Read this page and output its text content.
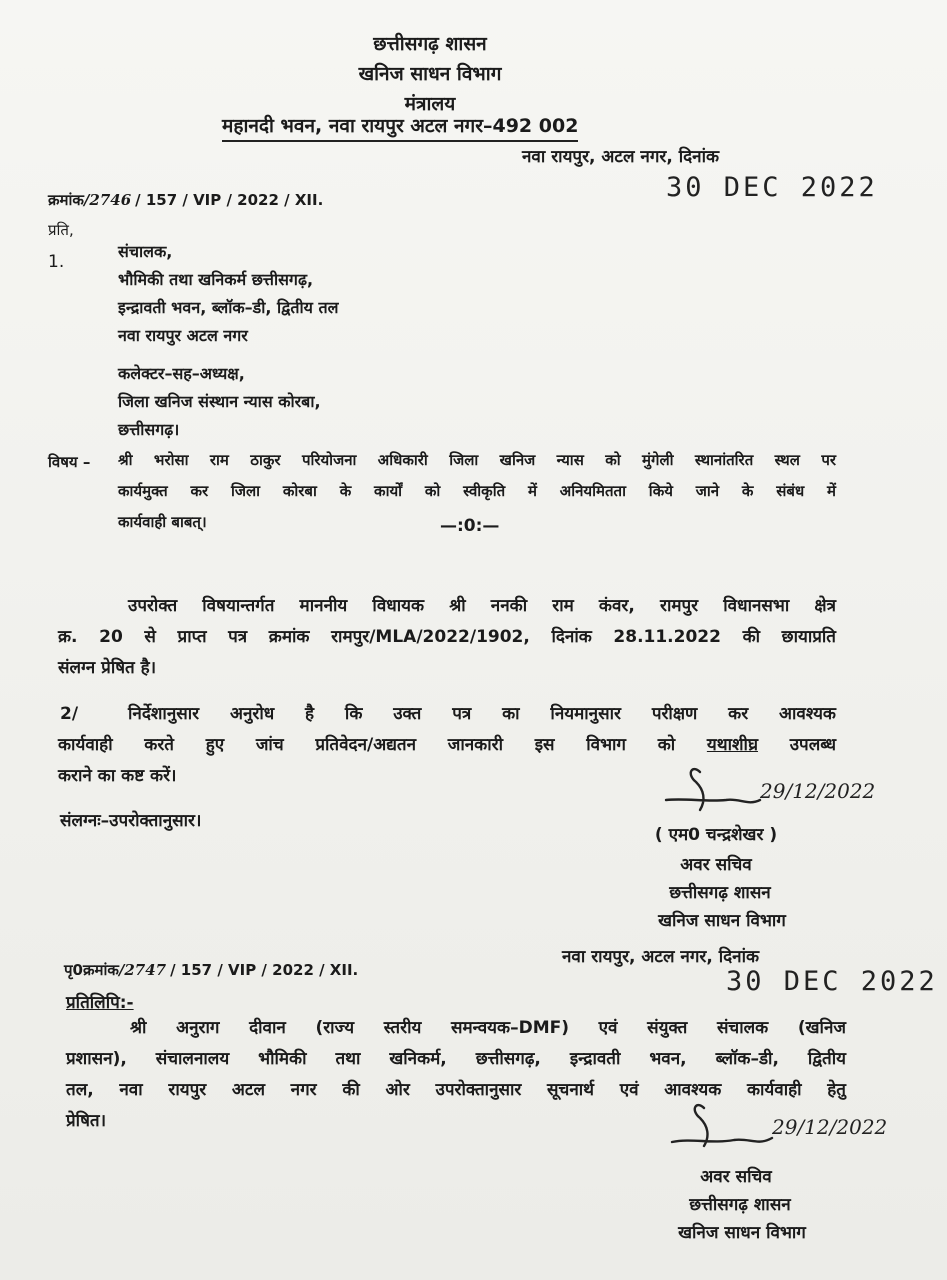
छत्तीसगढ़ शासन
खनिज साधन विभाग
मंत्रालय
महानदी भवन, नवा रायपुर अटल नगर–492 002
नवा रायपुर, अटल नगर, दिनांक
30 DEC 2022
क्रमांक/2746 / 157 / VIP / 2022 / XII.
प्रति,
1.
संचालक,
भौमिकी तथा खनिकर्म छत्तीसगढ़,
इन्द्रावती भवन, ब्लॉक–डी, द्वितीय तल
नवा रायपुर अटल नगर
कलेक्टर–सह–अध्यक्ष,
जिला खनिज संस्थान न्यास कोरबा,
छत्तीसगढ़।
विषय – श्री भरोसा राम ठाकुर परियोजना अधिकारी जिला खनिज न्यास को मुंगेली स्थानांतरित स्थल पर
कार्यमुक्त कर जिला कोरबा के कार्यों को स्वीकृति में अनियमितता किये जाने के संबंध में
कार्यवाही बाबत्।	—:0:—
उपरोक्त विषयान्तर्गत माननीय विधायक श्री ननकी राम कंवर, रामपुर विधानसभा क्षेत्र
क्र. 20 से प्राप्त पत्र क्रमांक रामपुर/MLA/2022/1902, दिनांक 28.11.2022 की छायाप्रति
संलग्न प्रेषित है।
2/	निर्देशानुसार अनुरोध है कि उक्त पत्र का नियमानुसार परीक्षण कर आवश्यक
कार्यवाही करते हुए जांच प्रतिवेदन/अद्यतन जानकारी इस विभाग को यथाशीघ्र उपलब्ध
कराने का कष्ट करें।
संलग्नः–उपरोक्तानुसार।
29/12/2022
( एम0 चन्द्रशेखर )
अवर सचिव
छत्तीसगढ़ शासन
खनिज साधन विभाग
नवा रायपुर, अटल नगर, दिनांक
30 DEC 2022
पृ0क्रमांक/2747 / 157 / VIP / 2022 / XII.
प्रतिलिपि:-
श्री अनुराग दीवान (राज्य स्तरीय समन्वयक–DMF) एवं संयुक्त संचालक (खनिज
प्रशासन), संचालनालय भौमिकी तथा खनिकर्म, छत्तीसगढ़, इन्द्रावती भवन, ब्लॉक–डी, द्वितीय
तल, नवा रायपुर अटल नगर की ओर उपरोक्तानुसार सूचनार्थ एवं आवश्यक कार्यवाही हेतु
प्रेषित।	29/12/2022
अवर सचिव
छत्तीसगढ़ शासन
खनिज साधन विभाग
